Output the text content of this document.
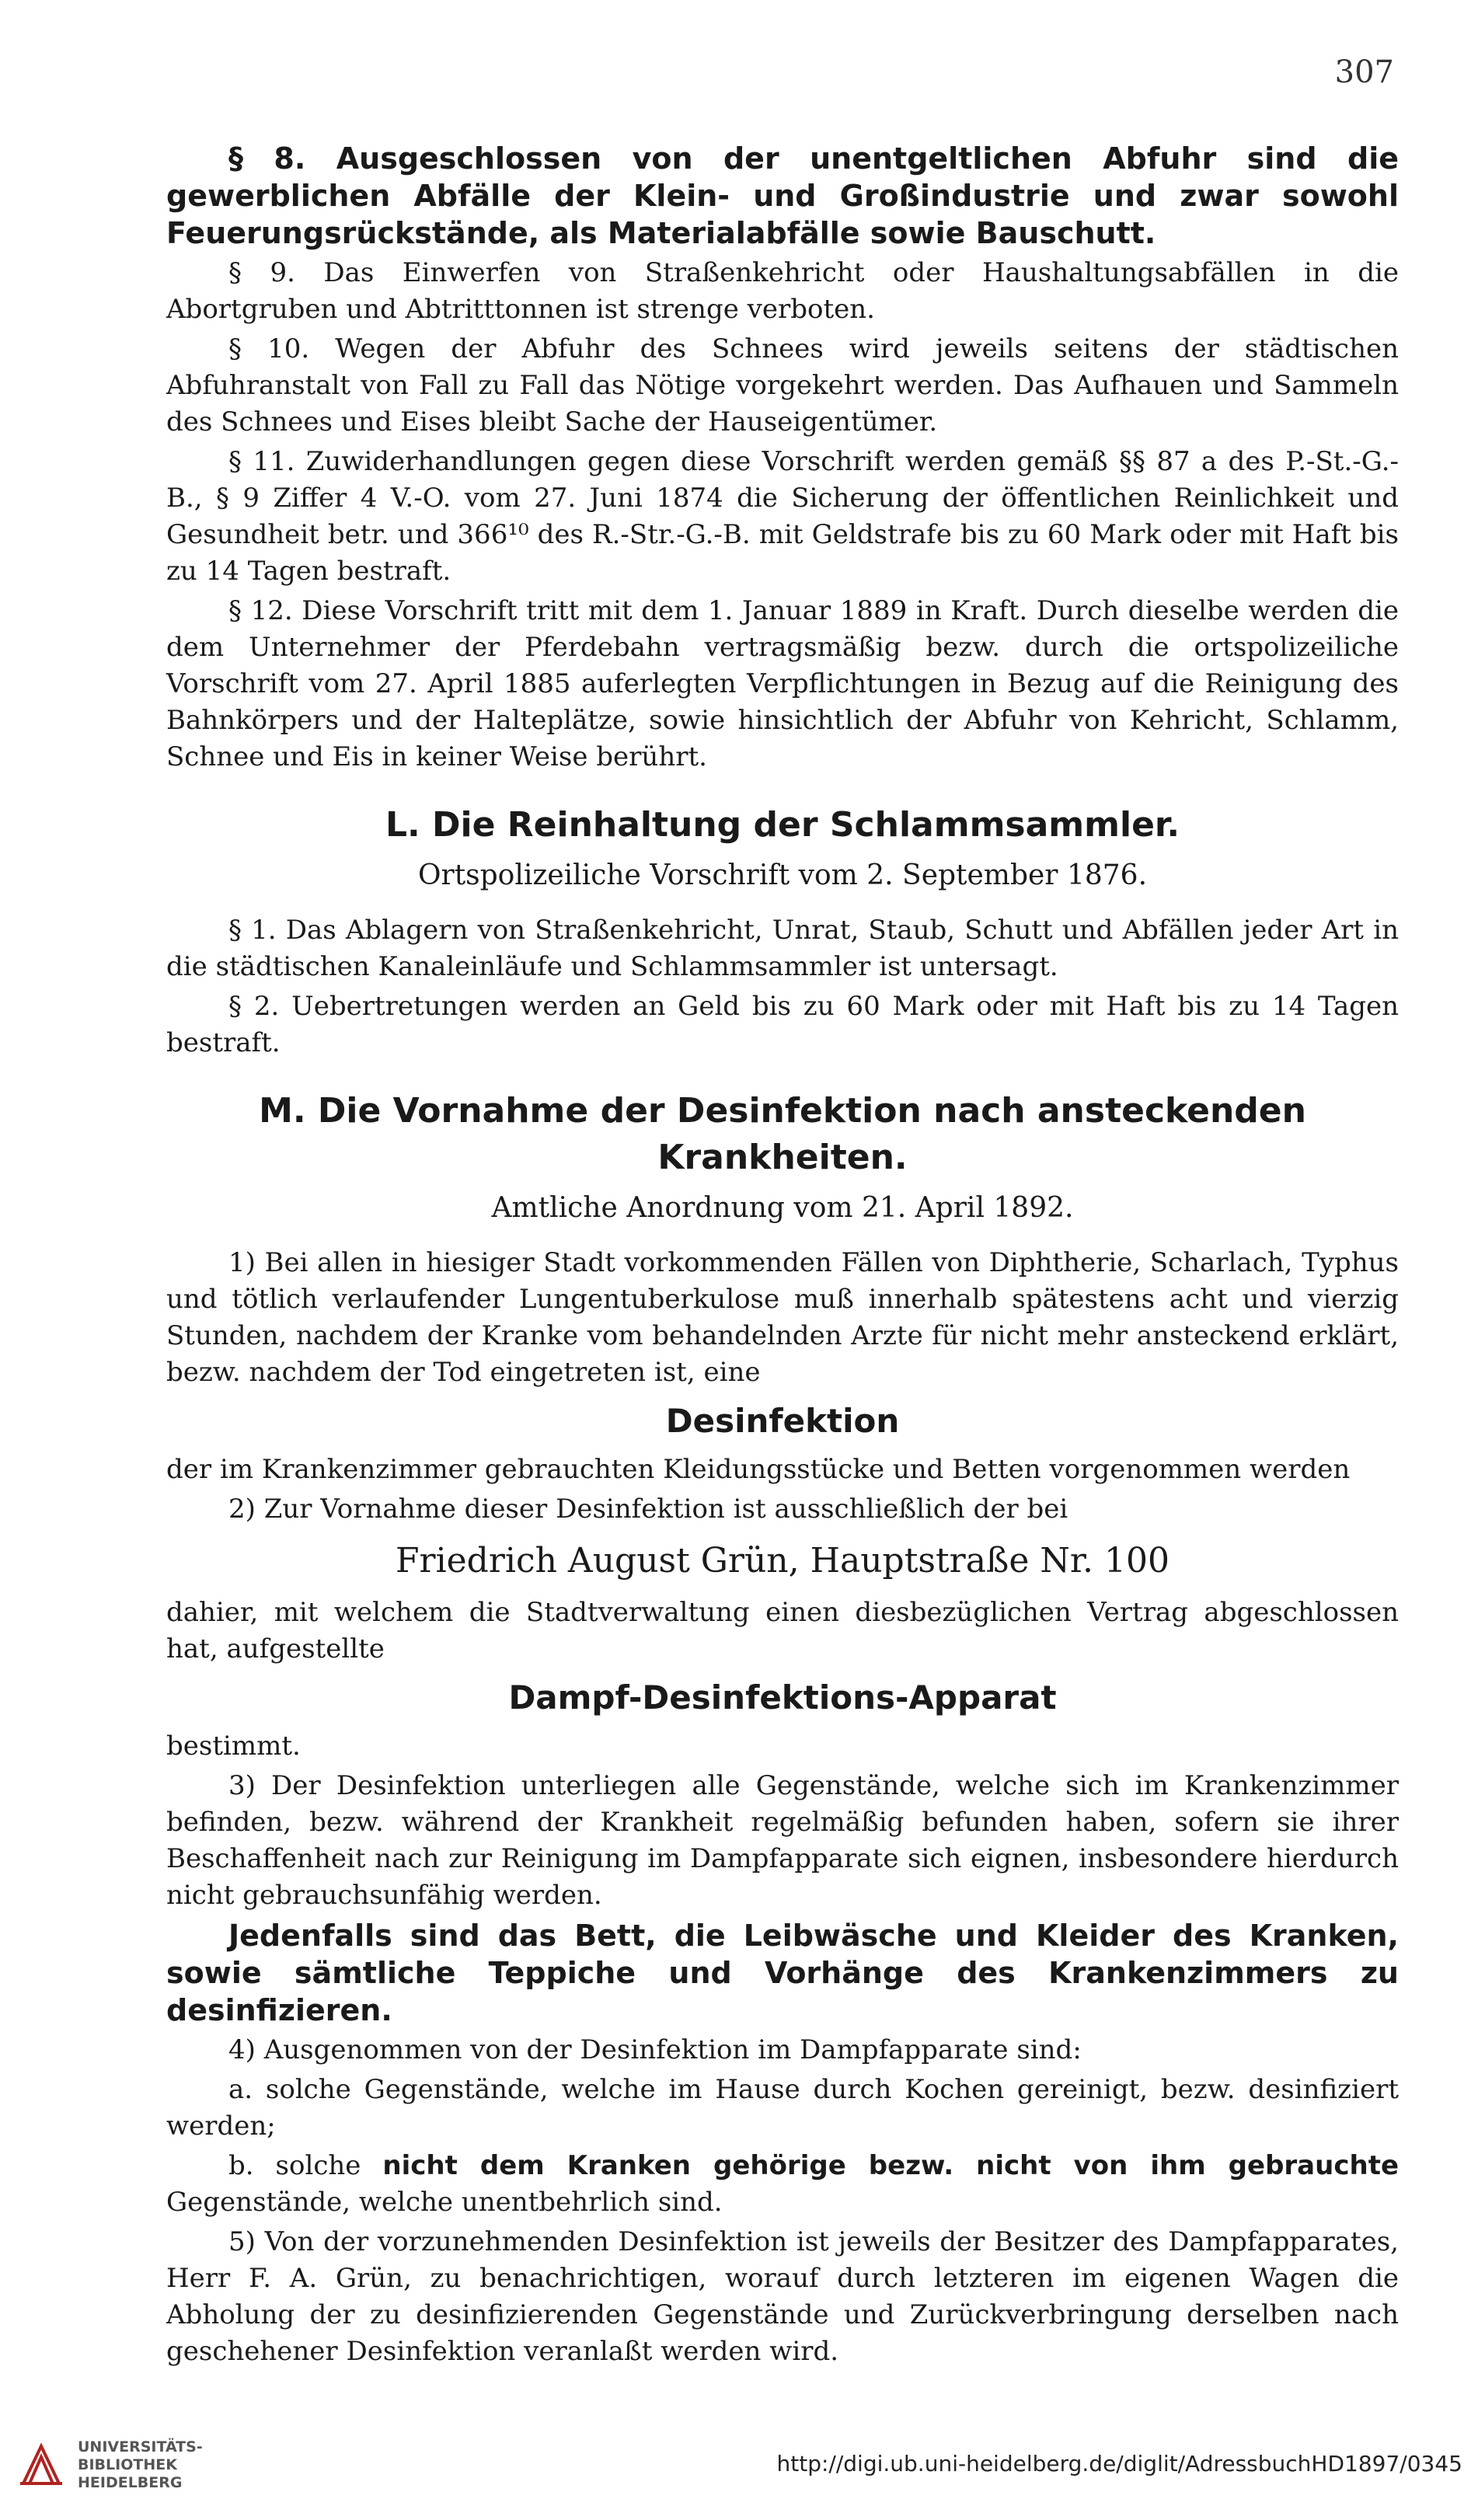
307

§ 8. Ausgeschlossen von der unentgeltlichen Abfuhr sind die gewerblichen Abfälle der Klein- und Großindustrie und zwar sowohl Feuerungsrückstände, als Materialabfälle sowie Bauschutt.

§ 9. Das Einwerfen von Straßenkehricht oder Haushaltungsabfällen in die Abortgruben und Abtritttonnen ist strenge verboten.

§ 10. Wegen der Abfuhr des Schnees wird jeweils seitens der städtischen Abfuhranstalt von Fall zu Fall das Nötige vorgekehrt werden. Das Aufhauen und Sammeln des Schnees und Eises bleibt Sache der Hauseigentümer.

§ 11. Zuwiderhandlungen gegen diese Vorschrift werden gemäß §§ 87 a des P.-St.-G.-B., § 9 Ziffer 4 V.-O. vom 27. Juni 1874 die Sicherung der öffentlichen Reinlichkeit und Gesundheit betr. und 366¹⁰ des R.-Str.-G.-B. mit Geldstrafe bis zu 60 Mark oder mit Haft bis zu 14 Tagen bestraft.

§ 12. Diese Vorschrift tritt mit dem 1. Januar 1889 in Kraft. Durch dieselbe werden die dem Unternehmer der Pferdebahn vertragsmäßig bezw. durch die ortspolizeiliche Vorschrift vom 27. April 1885 auferlegten Verpflichtungen in Bezug auf die Reinigung des Bahnkörpers und der Halteplätze, sowie hinsichtlich der Abfuhr von Kehricht, Schlamm, Schnee und Eis in keiner Weise berührt.

L. Die Reinhaltung der Schlammsammler.

Ortspolizeiliche Vorschrift vom 2. September 1876.

§ 1. Das Ablagern von Straßenkehricht, Unrat, Staub, Schutt und Abfällen jeder Art in die städtischen Kanaleinläufe und Schlammsammler ist untersagt.

§ 2. Uebertretungen werden an Geld bis zu 60 Mark oder mit Haft bis zu 14 Tagen bestraft.

M. Die Vornahme der Desinfektion nach ansteckenden Krankheiten.

Amtliche Anordnung vom 21. April 1892.

1) Bei allen in hiesiger Stadt vorkommenden Fällen von Diphtherie, Scharlach, Typhus und tötlich verlaufender Lungentuberkulose muß innerhalb spätestens acht und vierzig Stunden, nachdem der Kranke vom behandelnden Arzte für nicht mehr ansteckend erklärt, bezw. nachdem der Tod eingetreten ist, eine

Desinfektion

der im Krankenzimmer gebrauchten Kleidungsstücke und Betten vorgenommen werden

2) Zur Vornahme dieser Desinfektion ist ausschließlich der bei

Friedrich August Grün, Hauptstraße Nr. 100

dahier, mit welchem die Stadtverwaltung einen diesbezüglichen Vertrag abgeschlossen hat, aufgestellte

Dampf-Desinfektions-Apparat

bestimmt.

3) Der Desinfektion unterliegen alle Gegenstände, welche sich im Krankenzimmer befinden, bezw. während der Krankheit regelmäßig befunden haben, sofern sie ihrer Beschaffenheit nach zur Reinigung im Dampfapparate sich eignen, insbesondere hierdurch nicht gebrauchsunfähig werden.

Jedenfalls sind das Bett, die Leibwäsche und Kleider des Kranken, sowie sämtliche Teppiche und Vorhänge des Krankenzimmers zu desinfizieren.

4) Ausgenommen von der Desinfektion im Dampfapparate sind:

a. solche Gegenstände, welche im Hause durch Kochen gereinigt, bezw. desinfiziert werden;

b. solche nicht dem Kranken gehörige bezw. nicht von ihm gebrauchte Gegenstände, welche unentbehrlich sind.

5) Von der vorzunehmenden Desinfektion ist jeweils der Besitzer des Dampfapparates, Herr F. A. Grün, zu benachrichtigen, worauf durch letzteren im eigenen Wagen die Abholung der zu desinfizierenden Gegenstände und Zurückverbringung derselben nach geschehener Desinfektion veranlaßt werden wird.

UNIVERSITÄTS-
BIBLIOTHEK
HEIDELBERG
http://digi.ub.uni-heidelberg.de/diglit/AdressbuchHD1897/0345
